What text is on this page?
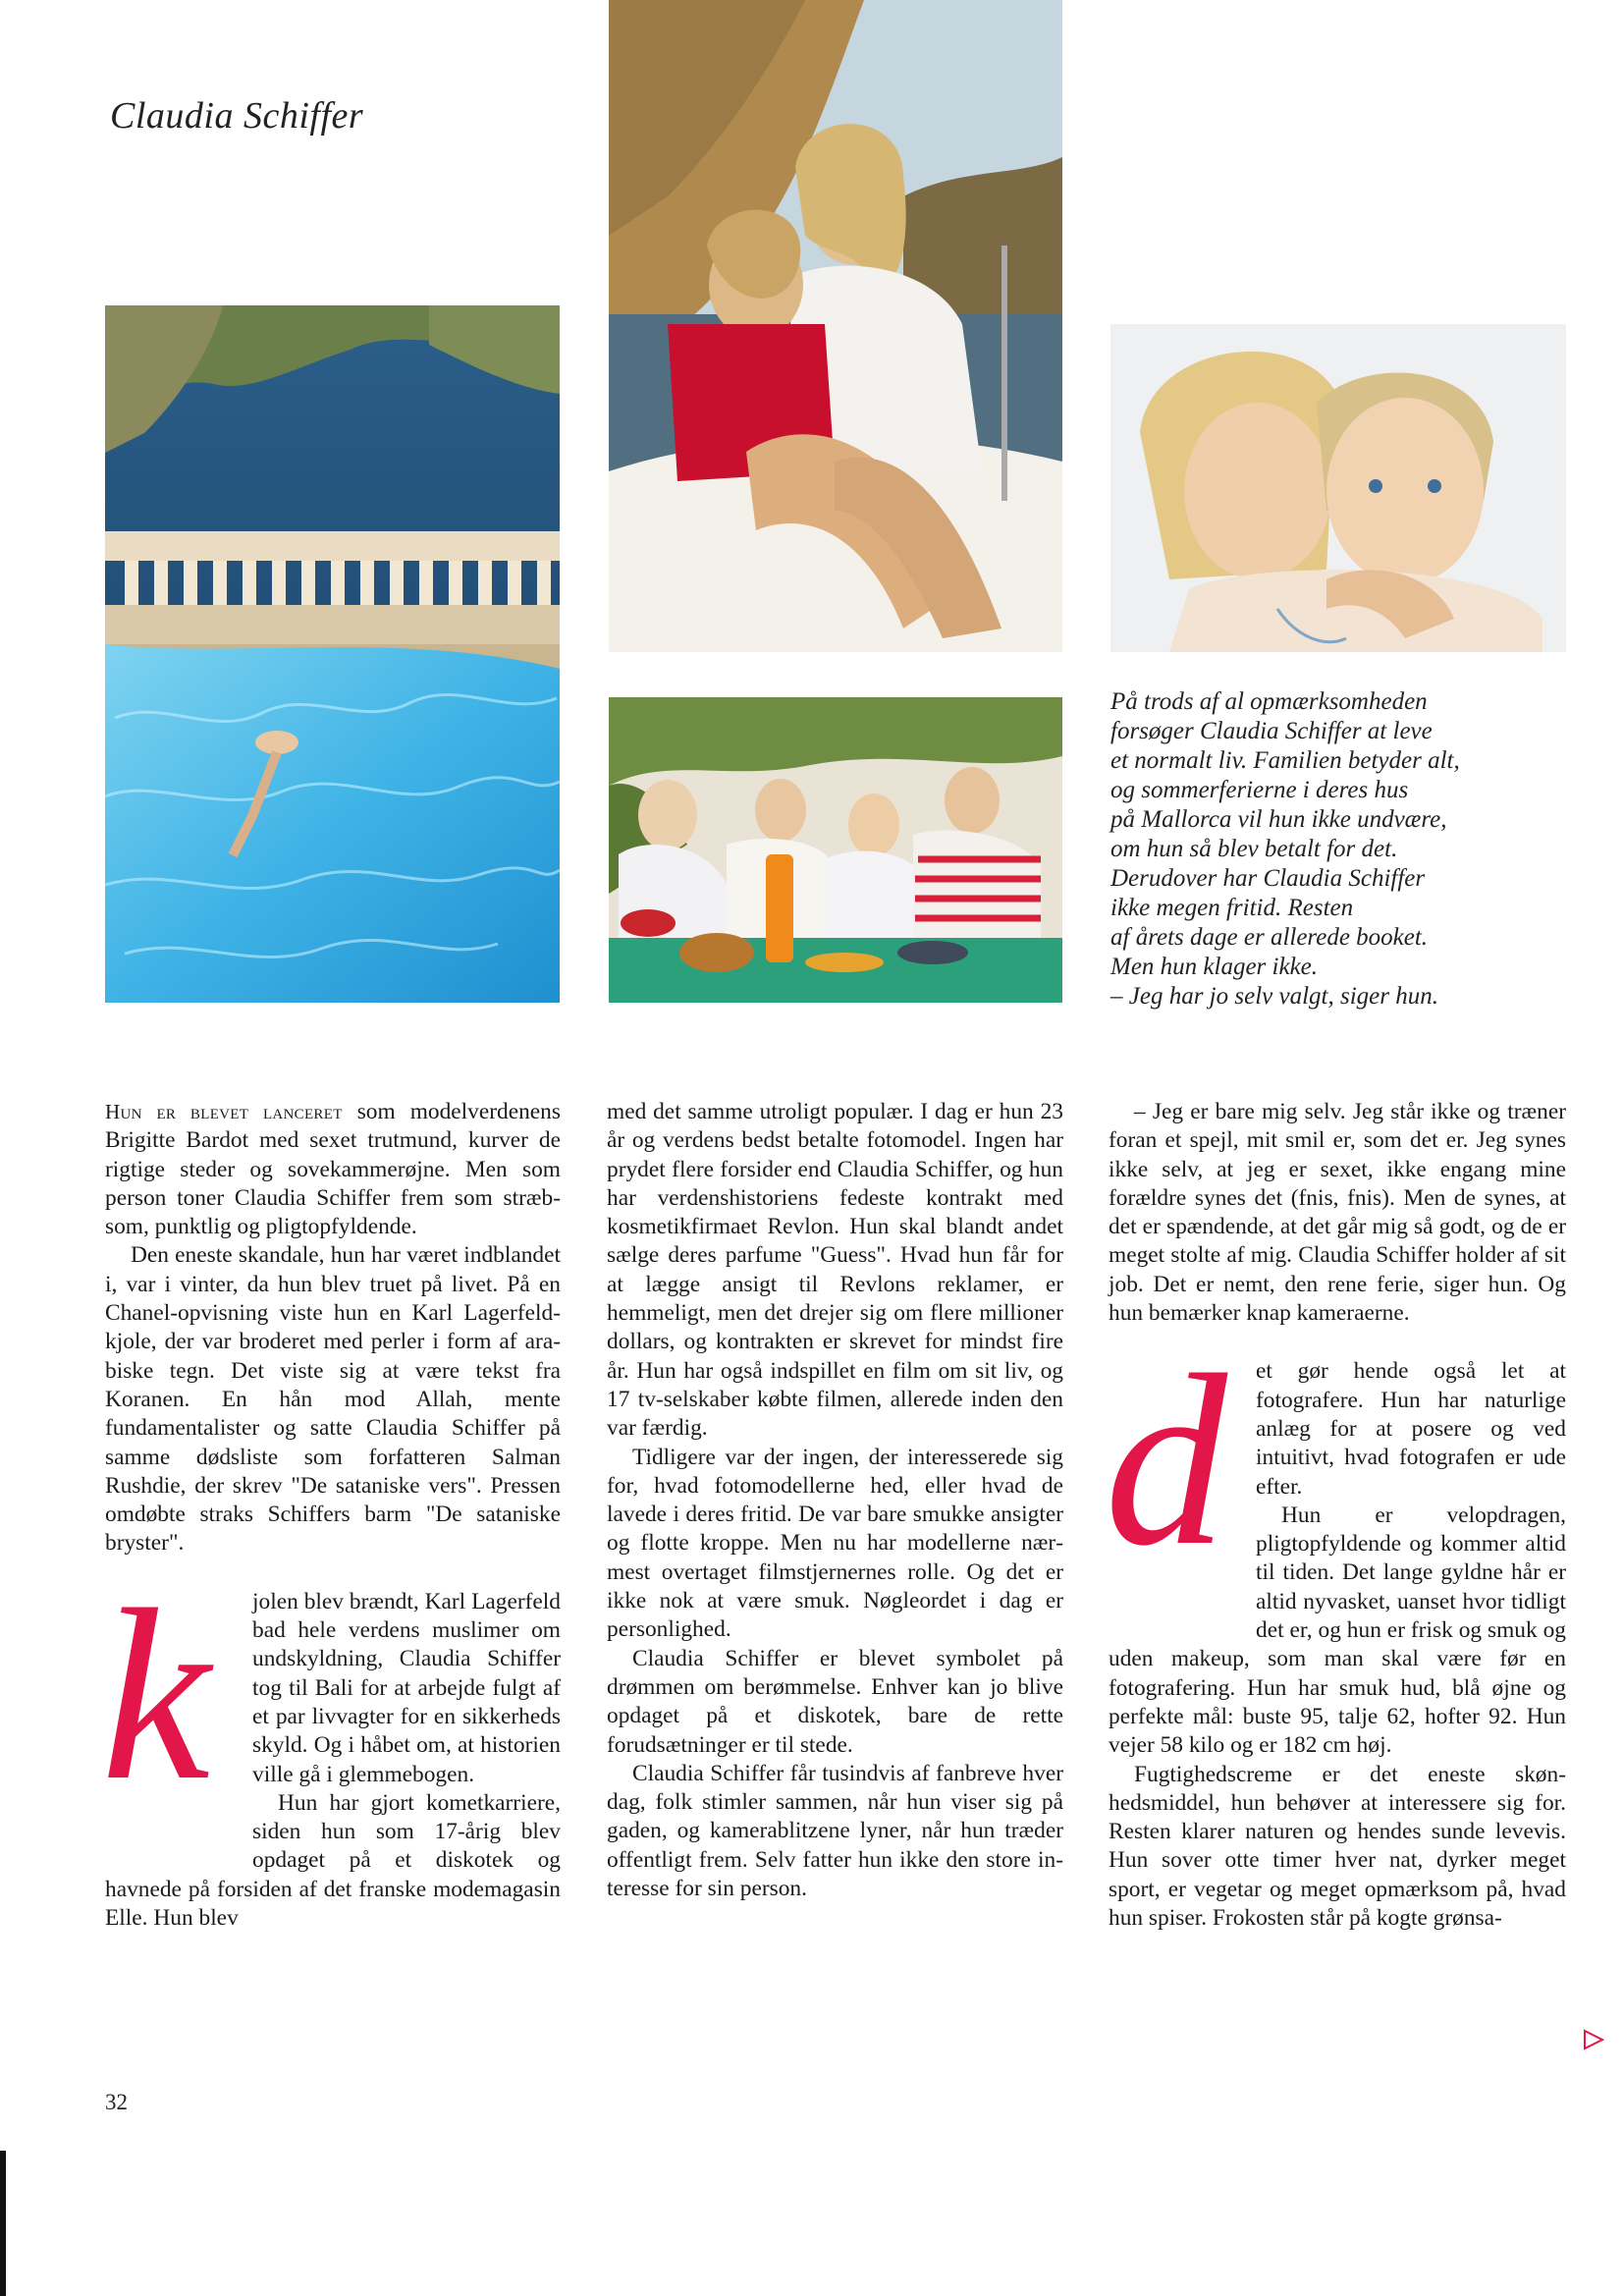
Claudia Schiffer
På trods af al opmærksomheden
forsøger Claudia Schiffer at leve
et normalt liv. Familien betyder alt,
og sommerferierne i deres hus
på Mallorca vil hun ikke undvære,
om hun så blev betalt for det.
Derudover har Claudia Schiffer
ikke megen fritid. Resten
af årets dage er allerede booket.
Men hun klager ikke.
– Jeg har jo selv valgt, siger hun.

Hun er blevet lanceret som modelverdenens Brigitte Bardot med sexet trutmund, kurver de rigtige steder og sovekammerøjne. Men som person toner Claudia Schiffer frem som stræbsom, punktlig og pligtopfyldende.

Den eneste skandale, hun har været indblandet i, var i vinter, da hun blev truet på livet. På en Chanel-opvisning viste hun en Karl Lagerfeld-kjole, der var broderet med perler i form af arabiske tegn. Det viste sig at være tekst fra Koranen. En hån mod Allah, mente fundamentalister og satte Claudia Schiffer på samme dødsliste som forfatteren Salman Rushdie, der skrev "De sataniske vers". Pressen omdøbte straks Schiffers barm "De sataniske bryster".

k	jolen blev brændt, Karl Lagerfeld bad hele verdens muslimer om undskyldning, Claudia Schiffer tog til Bali for at arbejde fulgt af et par livvagter for en sikkerheds skyld. Og i håbet om, at historien ville gå i glemmebogen.

Hun har gjort kometkarriere, siden hun som 17-årig blev opdaget på et diskotek og havnede på forsiden af det franske modemagasin Elle. Hun blev

med det samme utroligt populær. I dag er hun 23 år og verdens bedst betalte fotomodel. Ingen har prydet flere forsider end Claudia Schiffer, og hun har verdenshistoriens fedeste kontrakt med kosmetikfirmaet Revlon. Hun skal blandt andet sælge deres parfume "Guess". Hvad hun får for at lægge ansigt til Revlons reklamer, er hemmeligt, men det drejer sig om flere millioner dollars, og kontrakten er skrevet for mindst fire år. Hun har også indspillet en film om sit liv, og 17 tv-selskaber købte filmen, allerede inden den var færdig.

Tidligere var der ingen, der interesserede sig for, hvad fotomodellerne hed, eller hvad de lavede i deres fritid. De var bare smukke ansigter og flotte kroppe. Men nu har modellerne nærmest overtaget filmstjernernes rolle. Og det er ikke nok at være smuk. Nøgleordet i dag er personlighed.

Claudia Schiffer er blevet symbolet på drømmen om berømmelse. Enhver kan jo blive opdaget på et diskotek, bare de rette forudsætninger er til stede.

Claudia Schiffer får tusindvis af fanbreve hver dag, folk stimler sammen, når hun viser sig på gaden, og kamerablitzene lyner, når hun træder offentligt frem. Selv fatter hun ikke den store interesse for sin person.

– Jeg er bare mig selv. Jeg står ikke og træner foran et spejl, mit smil er, som det er. Jeg synes ikke selv, at jeg er sexet, ikke engang mine forældre synes det (fnis, fnis). Men de synes, at det er spændende, at det går mig så godt, og de er meget stolte af mig. Claudia Schiffer holder af sit job. Det er nemt, den rene ferie, siger hun. Og hun bemærker knap kameraerne.

d	et gør hende også let at fotografere. Hun har naturlige anlæg for at posere og ved intuitivt, hvad fotografen er ude efter.

Hun er velopdragen, pligtopfyldende og kommer altid til tiden. Det lange gyldne hår er altid nyvasket, uanset hvor tidligt det er, og hun er frisk og smuk og uden makeup, som man skal være før en fotografering. Hun har smuk hud, blå øjne og perfekte mål: buste 95, talje 62, hofter 92. Hun vejer 58 kilo og er 182 cm høj.

Fugtighedscreme er det eneste skønhedsmiddel, hun behøver at interessere sig for. Resten klarer naturen og hendes sunde levevis. Hun sover otte timer hver nat, dyrker meget sport, er vegetar og meget opmærksom på, hvad hun spiser. Frokosten står på kogte grønsa-

32
